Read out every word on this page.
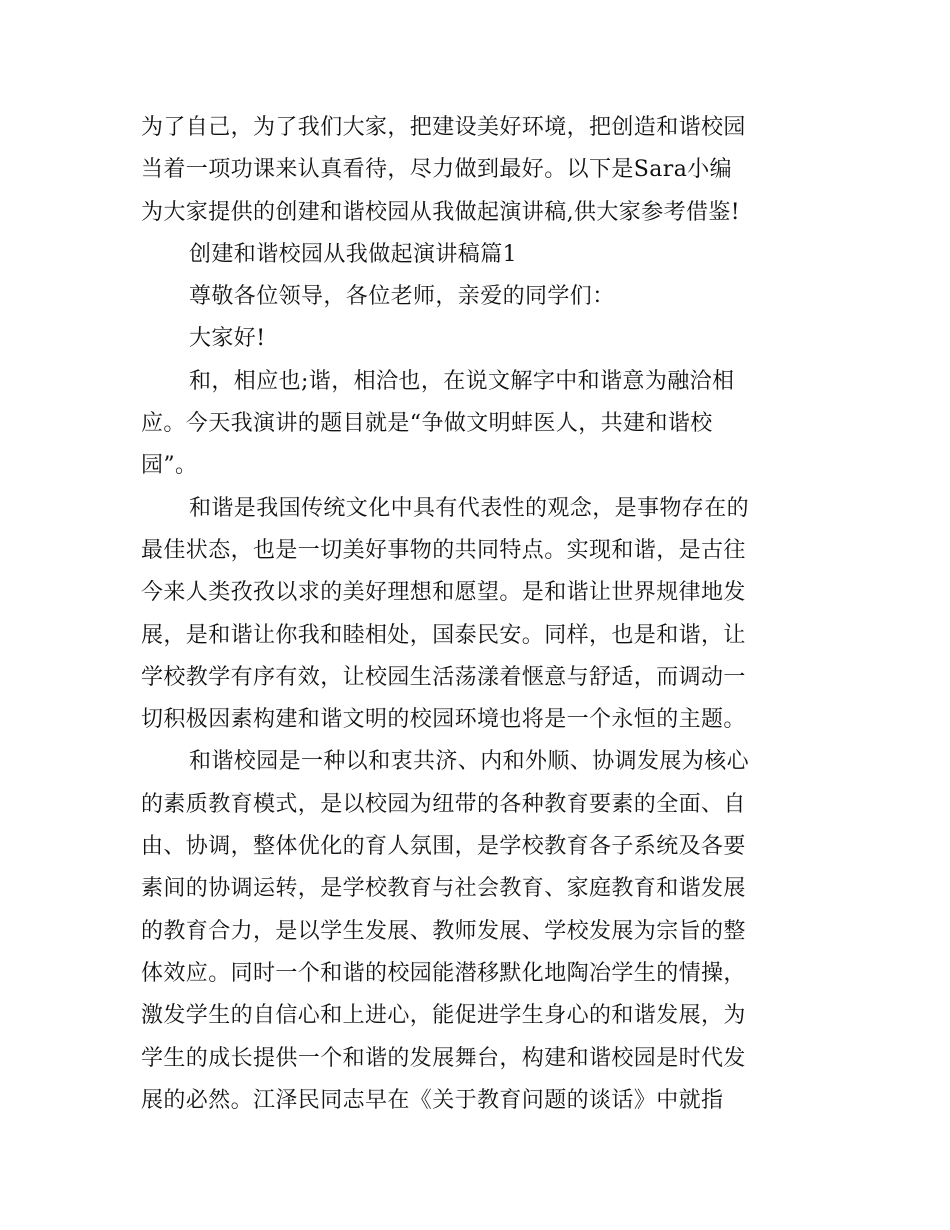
为了自己，为了我们大家，把建设美好环境，把创造和谐校园
当着一项功课来认真看待，尽力做到最好。以下是Sara小编
为大家提供的创建和谐校园从我做起演讲稿,供大家参考借鉴!
创建和谐校园从我做起演讲稿篇1
尊敬各位领导，各位老师，亲爱的同学们：
大家好!
和，相应也;谐，相洽也，在说文解字中和谐意为融洽相
应。今天我演讲的题目就是“争做文明蚌医人，共建和谐校
园”。
和谐是我国传统文化中具有代表性的观念，是事物存在的
最佳状态，也是一切美好事物的共同特点。实现和谐，是古往
今来人类孜孜以求的美好理想和愿望。是和谐让世界规律地发
展，是和谐让你我和睦相处，国泰民安。同样，也是和谐，让
学校教学有序有效，让校园生活荡漾着惬意与舒适，而调动一
切积极因素构建和谐文明的校园环境也将是一个永恒的主题。
和谐校园是一种以和衷共济、内和外顺、协调发展为核心
的素质教育模式，是以校园为纽带的各种教育要素的全面、自
由、协调，整体优化的育人氛围，是学校教育各子系统及各要
素间的协调运转，是学校教育与社会教育、家庭教育和谐发展
的教育合力，是以学生发展、教师发展、学校发展为宗旨的整
体效应。同时一个和谐的校园能潜移默化地陶冶学生的情操，
激发学生的自信心和上进心，能促进学生身心的和谐发展，为
学生的成长提供一个和谐的发展舞台，构建和谐校园是时代发
展的必然。江泽民同志早在《关于教育问题的谈话》中就指
